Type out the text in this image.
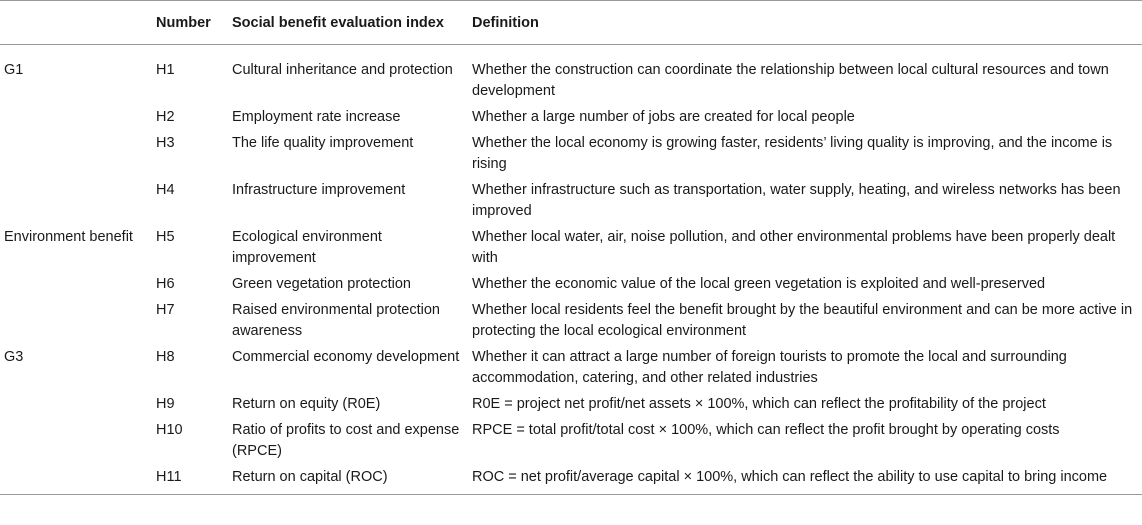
	Number	Social benefit evaluation index	Definition
G1	H1	Cultural inheritance and protection	Whether the construction can coordinate the relationship between local cultural resources and town development
	H2	Employment rate increase	Whether a large number of jobs are created for local people
	H3	The life quality improvement	Whether the local economy is growing faster, residents’ living quality is improving, and the income is rising
	H4	Infrastructure improvement	Whether infrastructure such as transportation, water supply, heating, and wireless networks has been improved
Environment benefit	H5	Ecological environment improvement	Whether local water, air, noise pollution, and other environmental problems have been properly dealt with
	H6	Green vegetation protection	Whether the economic value of the local green vegetation is exploited and well-preserved
	H7	Raised environmental protection awareness	Whether local residents feel the benefit brought by the beautiful environment and can be more active in protecting the local ecological environment
G3	H8	Commercial economy development	Whether it can attract a large number of foreign tourists to promote the local and surrounding accommodation, catering, and other related industries
	H9	Return on equity (R0E)	R0E = project net profit/net assets × 100%, which can reflect the profitability of the project
	H10	Ratio of profits to cost and expense (RPCE)	RPCE = total profit/total cost × 100%, which can reflect the profit brought by operating costs
	H11	Return on capital (ROC)	ROC = net profit/average capital × 100%, which can reflect the ability to use capital to bring income
